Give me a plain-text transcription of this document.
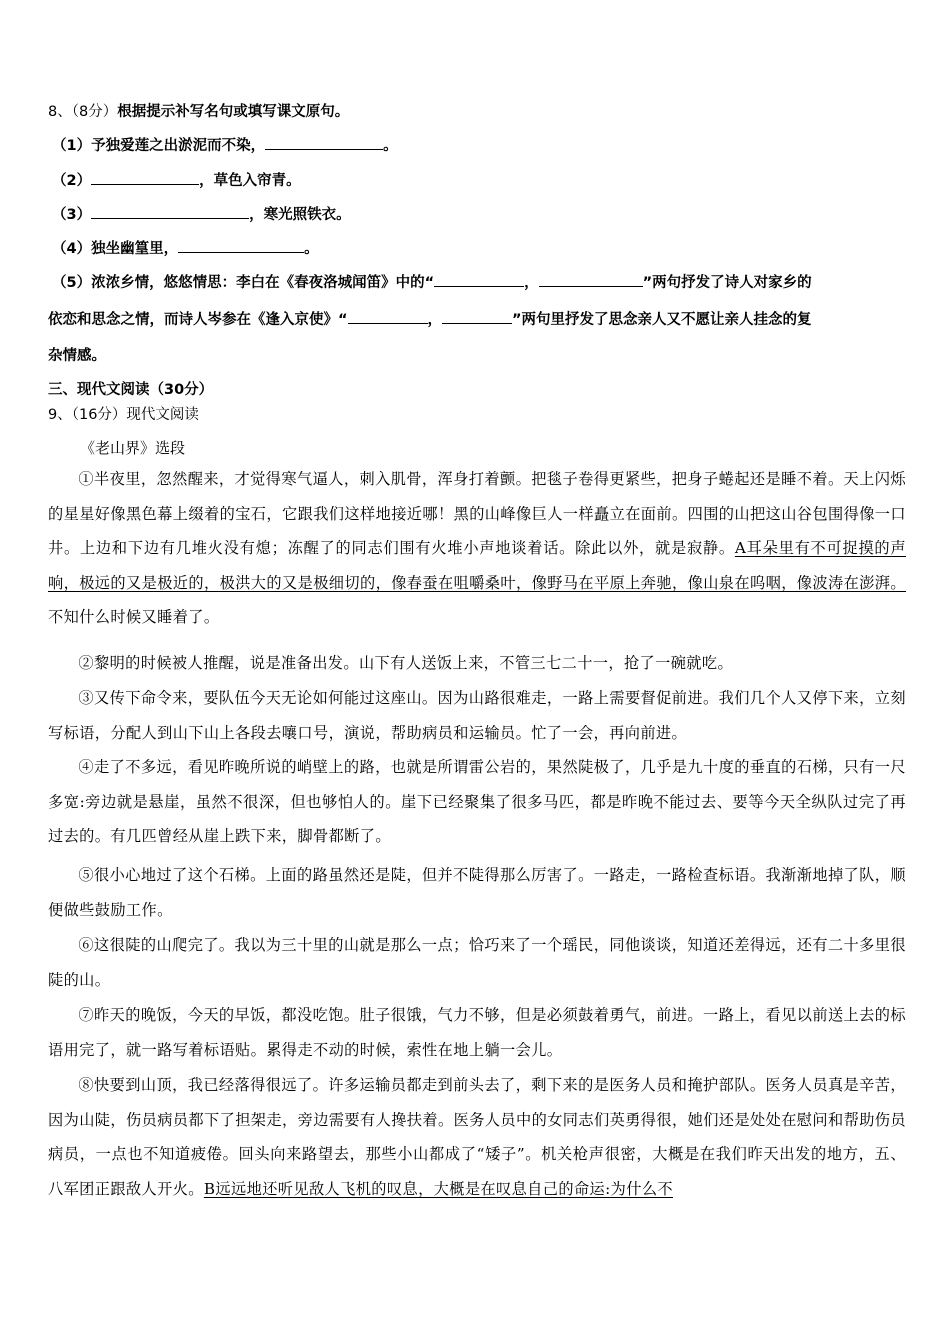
8、（8分）根据提示补写名句或填写课文原句。
（1）予独爱莲之出淤泥而不染，	。
（2）	，草色入帘青。
（3）	，寒光照铁衣。
（4）独坐幽篁里，	。
（5）浓浓乡情，悠悠情思：李白在《春夜洛城闻笛》中的“	，	”两句抒发了诗人对家乡的
依恋和思念之情，而诗人岑参在《逢入京使》“	，	”两句里抒发了思念亲人又不愿让亲人挂念的复
杂情感。
三、现代文阅读（30分）
9、（16分）现代文阅读
《老山界》选段
①半夜里，忽然醒来，才觉得寒气逼人，刺入肌骨，浑身打着颤。把毯子卷得更紧些，把身子蜷起还是睡不着。天上闪烁的星星好像黑色幕上缀着的宝石，它跟我们这样地接近哪！黑的山峰像巨人一样矗立在面前。四围的山把这山谷包围得像一口井。上边和下边有几堆火没有熄；冻醒了的同志们围有火堆小声地谈着话。除此以外，就是寂静。A耳朵里有不可捉摸的声响，极远的又是极近的，极洪大的又是极细切的，像春蚕在咀嚼桑叶，像野马在平原上奔驰，像山泉在呜咽，像波涛在澎湃。不知什么时候又睡着了。
②黎明的时候被人推醒，说是准备出发。山下有人送饭上来，不管三七二十一，抢了一碗就吃。
③又传下命令来，要队伍今天无论如何能过这座山。因为山路很难走，一路上需要督促前进。我们几个人又停下来，立刻写标语，分配人到山下山上各段去嚷口号，演说，帮助病员和运输员。忙了一会，再向前进。
④走了不多远，看见昨晚所说的峭壁上的路，也就是所谓雷公岩的，果然陡极了，几乎是九十度的垂直的石梯，只有一尺多宽:旁边就是悬崖，虽然不很深，但也够怕人的。崖下已经聚集了很多马匹，都是昨晚不能过去、要等今天全纵队过完了再过去的。有几匹曾经从崖上跌下来，脚骨都断了。
⑤很小心地过了这个石梯。上面的路虽然还是陡，但并不陡得那么厉害了。一路走，一路检查标语。我渐渐地掉了队，顺便做些鼓励工作。
⑥这很陡的山爬完了。我以为三十里的山就是那么一点；恰巧来了一个瑶民，同他谈谈，知道还差得远，还有二十多里很陡的山。
⑦昨天的晚饭，今天的早饭，都没吃饱。肚子很饿，气力不够，但是必须鼓着勇气，前进。一路上，看见以前送上去的标语用完了，就一路写着标语贴。累得走不动的时候，索性在地上躺一会儿。
⑧快要到山顶，我已经落得很远了。许多运输员都走到前头去了，剩下来的是医务人员和掩护部队。医务人员真是辛苦，因为山陡，伤员病员都下了担架走，旁边需要有人搀扶着。医务人员中的女同志们英勇得很，她们还是处处在慰问和帮助伤员病员，一点也不知道疲倦。回头向来路望去，那些小山都成了“矮子”。机关枪声很密，大概是在我们昨天出发的地方，五、八军团正跟敌人开火。B远远地还听见敌人飞机的叹息，大概是在叹息自己的命运:为什么不
